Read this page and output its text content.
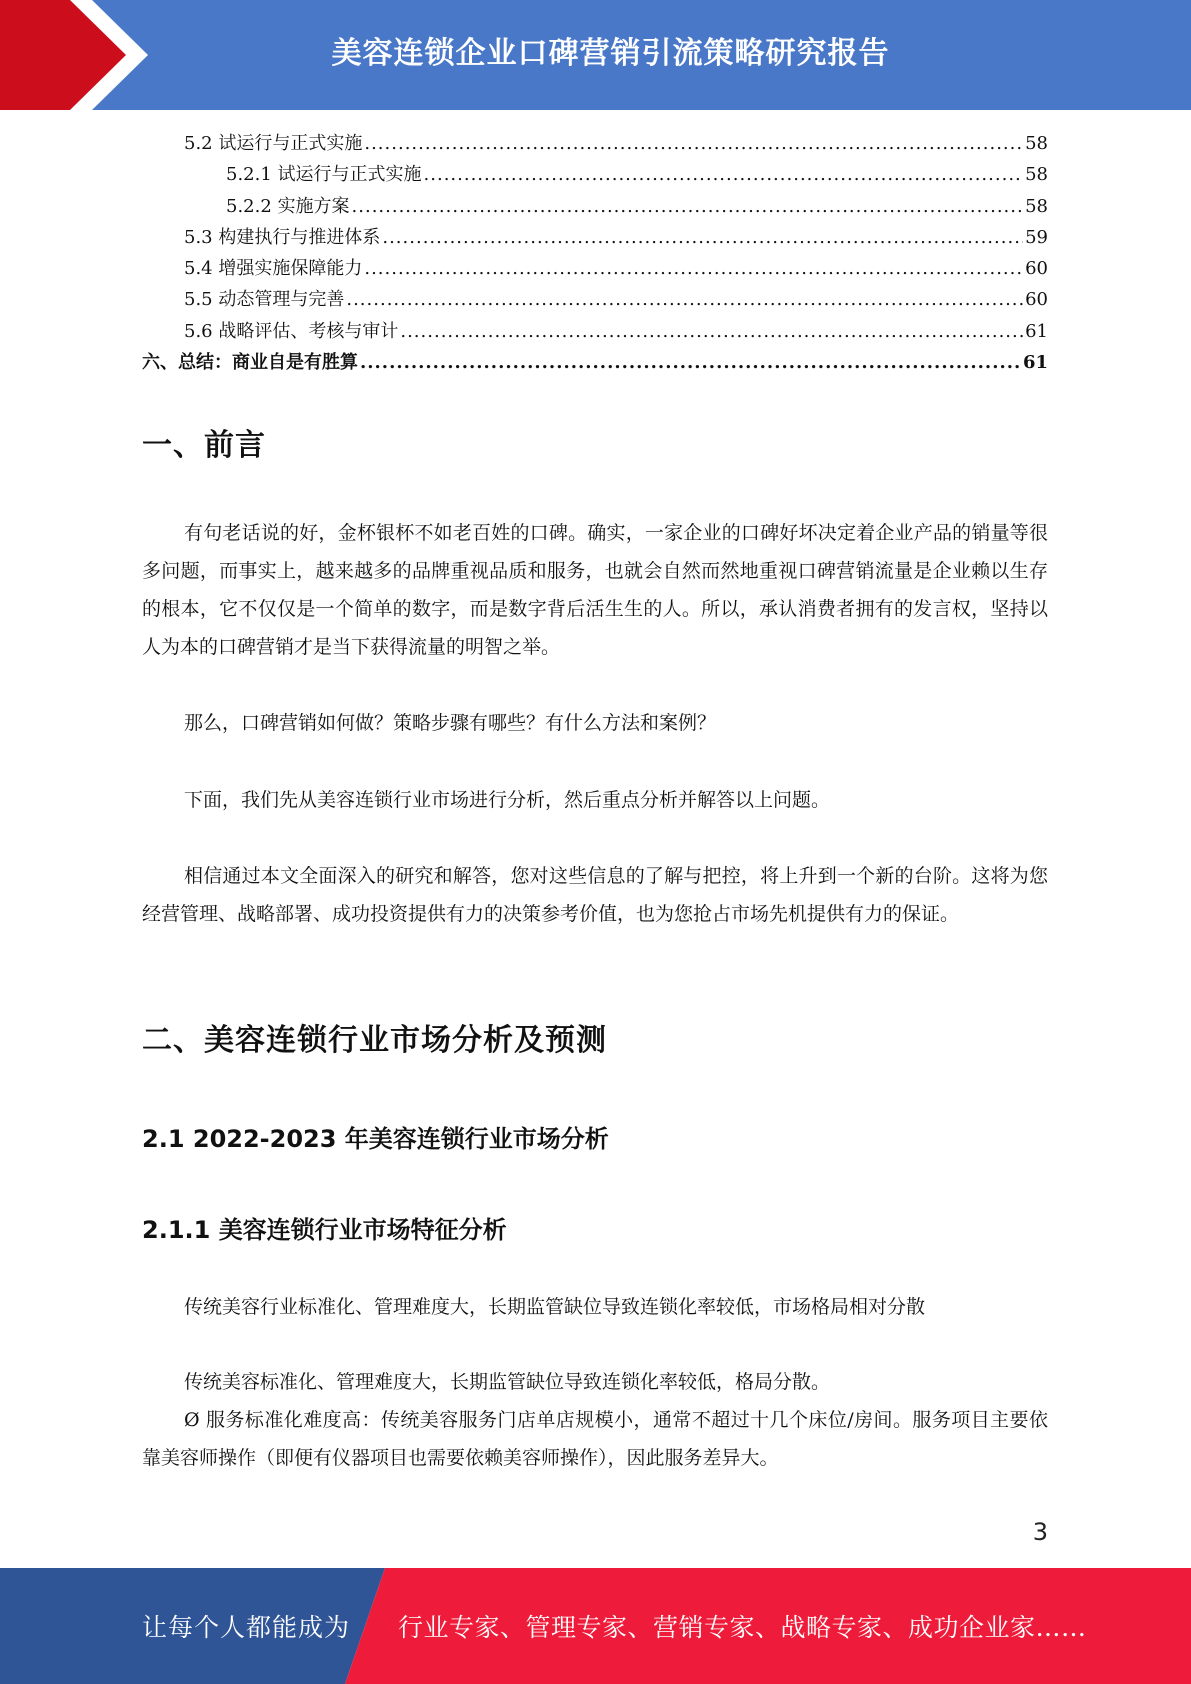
美容连锁企业口碑营销引流策略研究报告
5.2 试运行与正式实施 .....	58
5.2.1 试运行与正式实施 .....	58
5.2.2 实施方案 .....	58
5.3 构建执行与推进体系 .....	59
5.4 增强实施保障能力 .....	60
5.5 动态管理与完善 .....	60
5.6 战略评估、考核与审计 .....	61
六、总结：商业自是有胜算 .....	61
一、前言
有句老话说的好，金杯银杯不如老百姓的口碑。确实，一家企业的口碑好坏决定着企业产品的销量等很多问题，而事实上，越来越多的品牌重视品质和服务，也就会自然而然地重视口碑营销流量是企业赖以生存的根本，它不仅仅是一个简单的数字，而是数字背后活生生的人。所以，承认消费者拥有的发言权，坚持以人为本的口碑营销才是当下获得流量的明智之举。
那么，口碑营销如何做？策略步骤有哪些？有什么方法和案例？
下面，我们先从美容连锁行业市场进行分析，然后重点分析并解答以上问题。
相信通过本文全面深入的研究和解答，您对这些信息的了解与把控，将上升到一个新的台阶。这将为您经营管理、战略部署、成功投资提供有力的决策参考价值，也为您抢占市场先机提供有力的保证。
二、美容连锁行业市场分析及预测
2.1 2022-2023 年美容连锁行业市场分析
2.1.1 美容连锁行业市场特征分析
传统美容行业标准化、管理难度大，长期监管缺位导致连锁化率较低，市场格局相对分散
传统美容标准化、管理难度大，长期监管缺位导致连锁化率较低，格局分散。
Ø 服务标准化难度高：传统美容服务门店单店规模小，通常不超过十几个床位/房间。服务项目主要依靠美容师操作（即便有仪器项目也需要依赖美容师操作），因此服务差异大。
3
让每个人都能成为 行业专家、管理专家、营销专家、战略专家、成功企业家……
